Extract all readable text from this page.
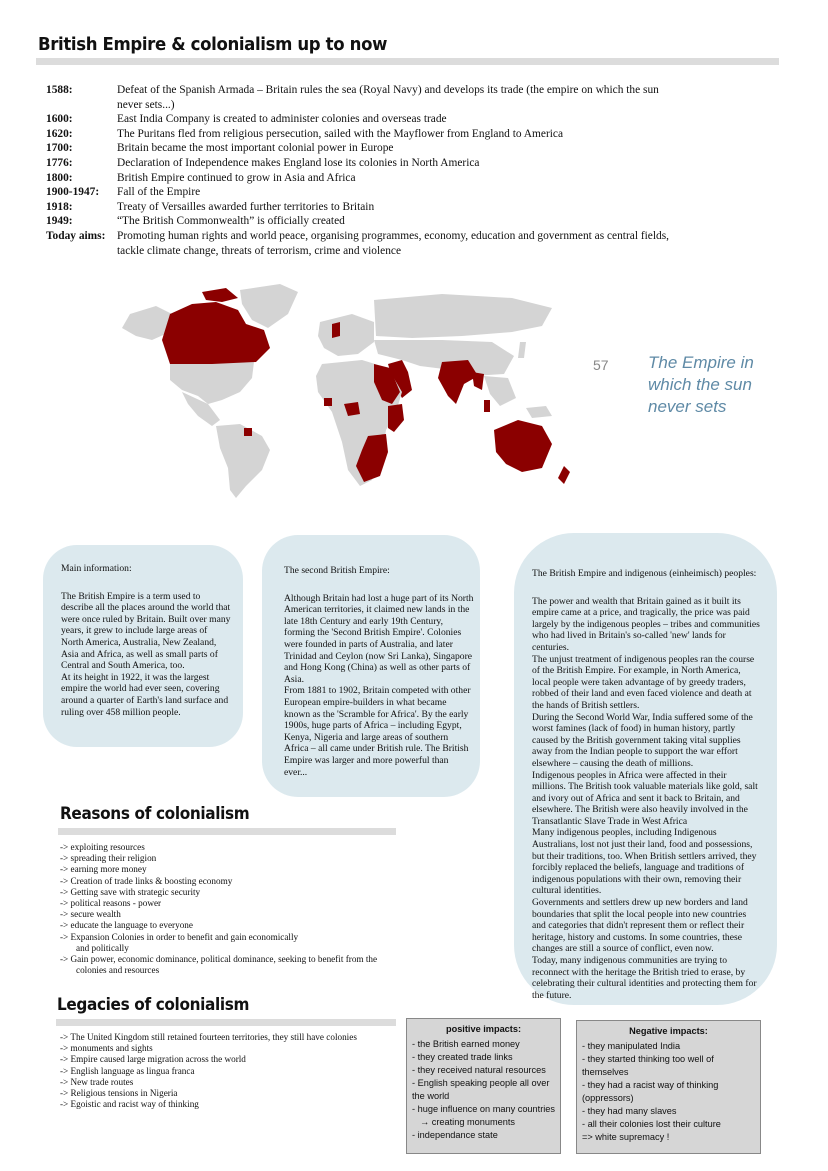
British Empire & colonialism up to now
1588:	Defeat of the Spanish Armada – Britain rules the sea (Royal Navy) and develops its trade (the empire on which the sun never sets...)
1600:	East India Company is created to administer colonies and overseas trade
1620:	The Puritans fled from religious persecution, sailed with the Mayflower from England to America
1700:	Britain became the most important colonial power in Europe
1776:	Declaration of Independence makes England lose its colonies in North America
1800:	British Empire continued to grow in Asia and Africa
1900-1947:	Fall of the Empire
1918:	Treaty of Versailles awarded further territories to Britain
1949:	“The British Commonwealth” is officially created
Today aims:	Promoting human rights and world peace, organising programmes, economy, education and government as central fields, tackle climate change, threats of terrorism, crime and violence
57 The Empire in which the sun never sets
Main information:
The British Empire is a term used to describe all the places around the world that were once ruled by Britain. Built over many years, it grew to include large areas of North America, Australia, New Zealand, Asia and Africa, as well as small parts of Central and South America, too.
At its height in 1922, it was the largest empire the world had ever seen, covering around a quarter of Earth's land surface and ruling over 458 million people.
The second British Empire:
Although Britain had lost a huge part of its North American territories, it claimed new lands in the late 18th Century and early 19th Century, forming the 'Second British Empire'. Colonies were founded in parts of Australia, and later Trinidad and Ceylon (now Sri Lanka), Singapore and Hong Kong (China) as well as other parts of Asia.
From 1881 to 1902, Britain competed with other European empire-builders in what became known as the 'Scramble for Africa'. By the early 1900s, huge parts of Africa – including Egypt, Kenya, Nigeria and large areas of southern Africa – all came under British rule. The British Empire was larger and more powerful than ever...
The British Empire and indigenous (einheimisch) peoples:
The power and wealth that Britain gained as it built its empire came at a price, and tragically, the price was paid largely by the indigenous peoples – tribes and communities who had lived in Britain's so-called 'new' lands for centuries.
The unjust treatment of indigenous peoples ran the course of the British Empire. For example, in North America, local people were taken advantage of by greedy traders, robbed of their land and even faced violence and death at the hands of British settlers.
During the Second World War, India suffered some of the worst famines (lack of food) in human history, partly caused by the British government taking vital supplies away from the Indian people to support the war effort elsewhere – causing the death of millions.
Indigenous peoples in Africa were affected in their millions. The British took valuable materials like gold, salt and ivory out of Africa and sent it back to Britain, and elsewhere. The British were also heavily involved in the Transatlantic Slave Trade in West Africa
Many indigenous peoples, including Indigenous Australians, lost not just their land, food and possessions, but their traditions, too. When British settlers arrived, they forcibly replaced the beliefs, language and traditions of indigenous populations with their own, removing their cultural identities.
Governments and settlers drew up new borders and land boundaries that split the local people into new countries and categories that didn't represent them or reflect their heritage, history and customs. In some countries, these changes are still a source of conflict, even now.
Today, many indigenous communities are trying to reconnect with the heritage the British tried to erase, by celebrating their cultural identities and protecting them for the future.
Reasons of colonialism
-> exploiting resources
-> spreading their religion
-> earning more money
-> Creation of trade links & boosting economy
-> Getting save with strategic security
-> political reasons - power
-> secure wealth
-> educate the language to everyone
-> Expansion Colonies in order to benefit and gain economically
and politically
-> Gain power, economic dominance, political dominance, seeking to benefit from the
colonies and resources
Legacies of colonialism
-> The United Kingdom still retained fourteen territories, they still have colonies
-> monuments and sights
-> Empire caused large migration across the world
-> English language as lingua franca
-> New trade routes
-> Religious tensions in Nigeria
-> Egoistic and racist way of thinking
positive impacts:
- the British earned money
- they created trade links
- they received natural resources
- English speaking people all over
the world
- huge influence on many countries
→ creating monuments
- independance state
Negative impacts:
- they manipulated India
- they started thinking too well of
themselves
- they had a racist way of thinking
(oppressors)
- they had many slaves
- all their colonies lost their culture
=> white supremacy !
